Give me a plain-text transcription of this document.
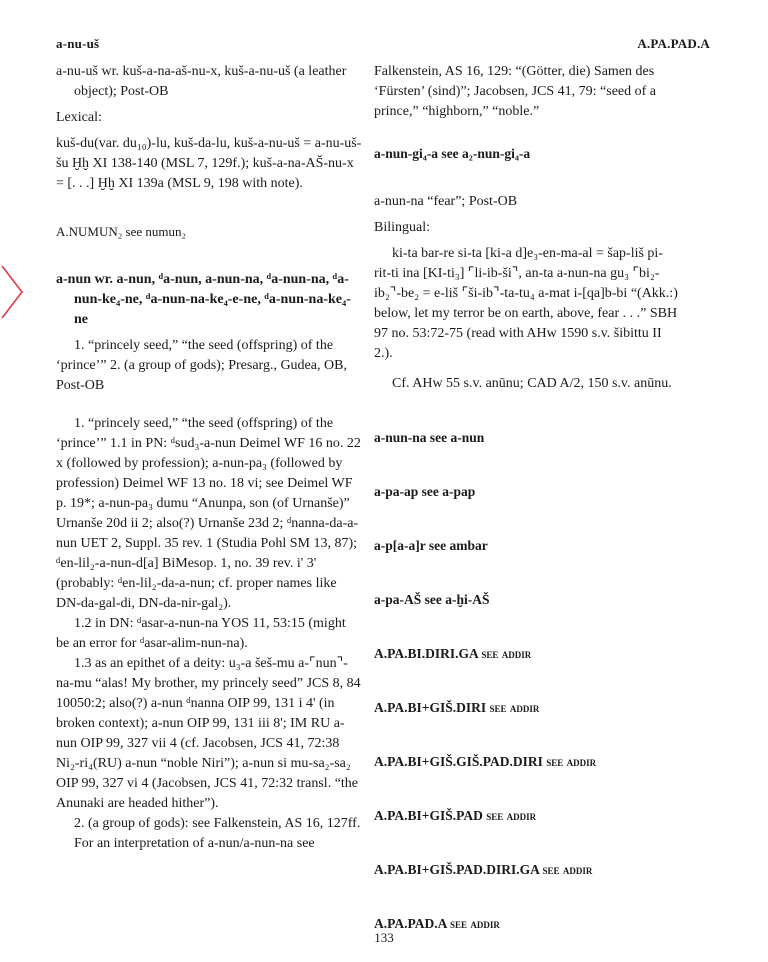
a-nu-uš	A.PA.PAD.A

a-nu-uš wr. kuš-a-na-aš-nu-x, kuš-a-nu-uš (a leather object); Post-OB

Lexical:

kuš-du(var. du₁₀)-lu, kuš-da-lu, kuš-a-nu-uš = a-nu-uš-šu Ḫḫ XI 138-140 (MSL 7, 129f.); kuš-a-na-AŠ-nu-x = [. . .] Ḫḫ XI 139a (MSL 9, 198 with note).

A.NUMUN₂ see numun₂

a-nun wr. a-nun, ᵈa-nun, a-nun-na, ᵈa-nun-na, ᵈa-nun-ke₄-ne, ᵈa-nun-na-ke₄-e-ne, ᵈa-nun-na-ke₄-ne

1. “princely seed,” “the seed (offspring) of the ‘prince’” 2. (a group of gods); Presarg., Gudea, OB, Post-OB

1. “princely seed,” “the seed (offspring) of the ‘prince’” 1.1 in PN: ᵈsud₃-a-nun Deimel WF 16 no. 22 x (followed by profession); a-nun-pa₃ (followed by profession) Deimel WF 13 no. 18 vi; see Deimel WF p. 19*; a-nun-pa₃ dumu “Anunpa, son (of Urnanše)” Urnanše 20d ii 2; also(?) Urnanše 23d 2; ᵈnanna-da-a-nun UET 2, Suppl. 35 rev. 1 (Studia Pohl SM 13, 87); ᵈen-lil₂-a-nun-d[a] BiMesop. 1, no. 39 rev. i' 3' (probably: ᵈen-lil₂-da-a-nun; cf. proper names like DN-da-gal-di, DN-da-nir-gal₂).

1.2 in DN: ᵈasar-a-nun-na YOS 11, 53:15 (might be an error for ᵈasar-alim-nun-na).

1.3 as an epithet of a deity: u₃-a šeš-mu a-⌜nun⌝-na-mu “alas! My brother, my princely seed” JCS 8, 84 10050:2; also(?) a-nun ᵈnanna OIP 99, 131 i 4' (in broken context); a-nun OIP 99, 131 iii 8'; IM RU a-nun OIP 99, 327 vii 4 (cf. Jacobsen, JCS 41, 72:38 Ni₂-ri₄(RU) a-nun “noble Niri”); a-nun si mu-sa₂-sa₂ OIP 99, 327 vi 4 (Jacobsen, JCS 41, 72:32 transl. “the Anunaki are headed hither”).

2. (a group of gods): see Falkenstein, AS 16, 127ff.

For an interpretation of a-nun/a-nun-na see

Falkenstein, AS 16, 129: “(Götter, die) Samen des ‘Fürsten’ (sind)”; Jacobsen, JCS 41, 79: “seed of a prince,” “highborn,” “noble.”

a-nun-gi₄-a see a₂-nun-gi₄-a

a-nun-na “fear”; Post-OB

Bilingual:

ki-ta bar-re si-ta [ki-a d]e₃-en-ma-al = šap-liš pi-rit-ti ina [KI-ti₃] ⌜li-ib-ši⌝, an-ta a-nun-na gu₃ ⌜bi₂-ib₂⌝-be₂ = e-liš ⌜ši-ib⌝-ta-tu₄ a-mat i-[qa]b-bi “(Akk.:) below, let my terror be on earth, above, fear . . .” SBH 97 no. 53:72-75 (read with AHw 1590 s.v. šibittu II 2.).

Cf. AHw 55 s.v. anūnu; CAD A/2, 150 s.v. anūnu.

a-nun-na see a-nun

a-pa-ap see a-pap

a-p[a-a]r see ambar

a-pa-AŠ see a-ḫi-AŠ

A.PA.BI.DIRI.GA see addir

A.PA.BI+GIŠ.DIRI see addir

A.PA.BI+GIŠ.GIŠ.PAD.DIRI see addir

A.PA.BI+GIŠ.PAD see addir

A.PA.BI+GIŠ.PAD.DIRI.GA see addir

A.PA.PAD.A see addir

133
